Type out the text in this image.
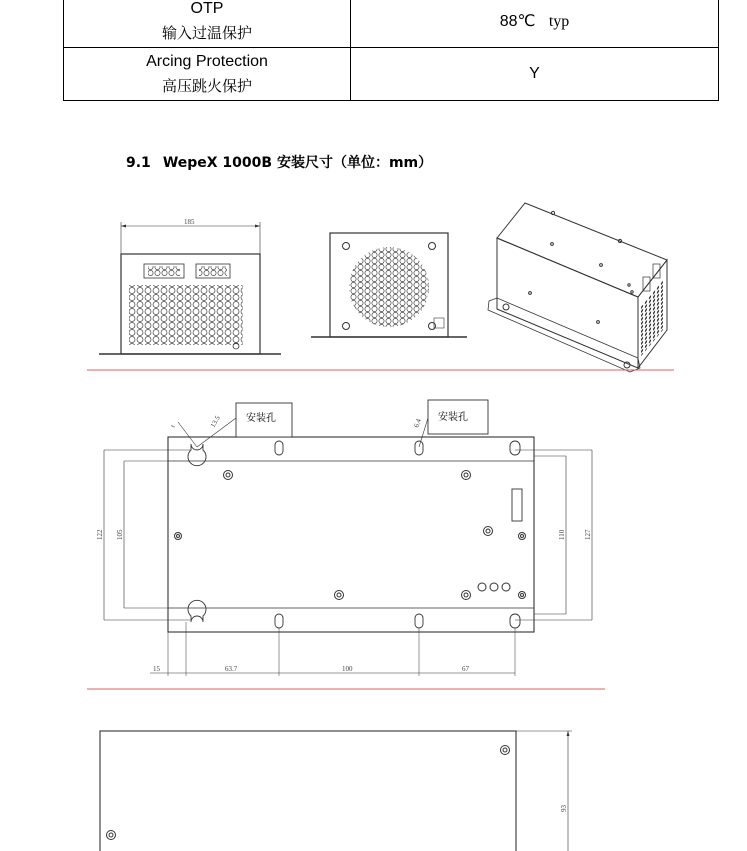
OTP
输入过温保护	88℃ typ

Arcing Protection
高压跳火保护	Y
9.1 WepeX 1000B 安装尺寸（单位：mm）
185
安装孔	安装孔
t	13.5	6.4
122 105	110	127
15	63.7	100	67
93
